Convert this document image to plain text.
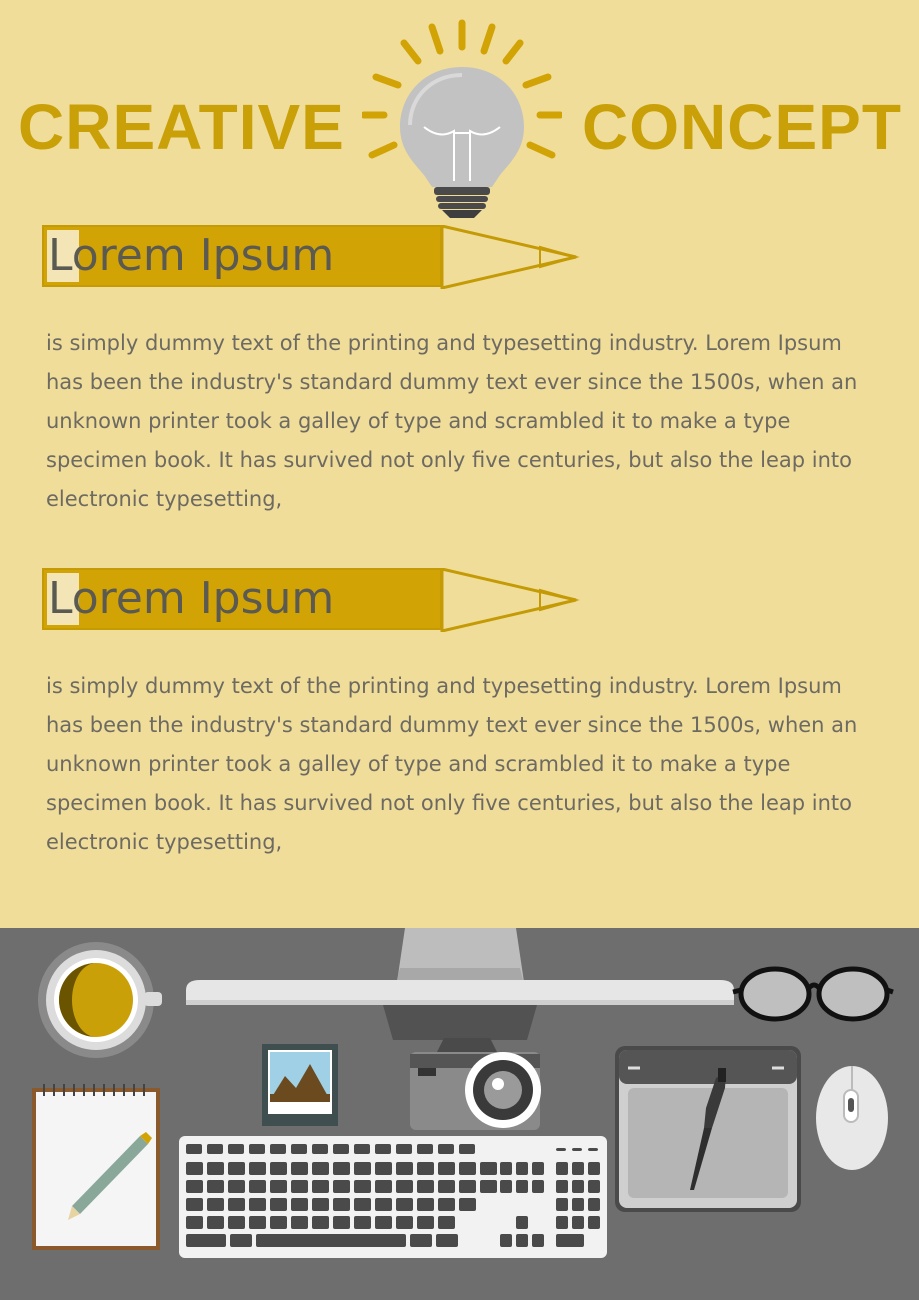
CREATIVE	CONCEPT
Lorem Ipsum
is simply dummy text of the printing and typesetting industry. Lorem Ipsum has been the industry's standard dummy text ever since the 1500s, when an unknown printer took a galley of type and scrambled it to make a type specimen book. It has survived not only five centuries, but also the leap into electronic typesetting,
Lorem Ipsum
is simply dummy text of the printing and typesetting industry. Lorem Ipsum has been the industry's standard dummy text ever since the 1500s, when an unknown printer took a galley of type and scrambled it to make a type specimen book. It has survived not only five centuries, but also the leap into electronic typesetting,
